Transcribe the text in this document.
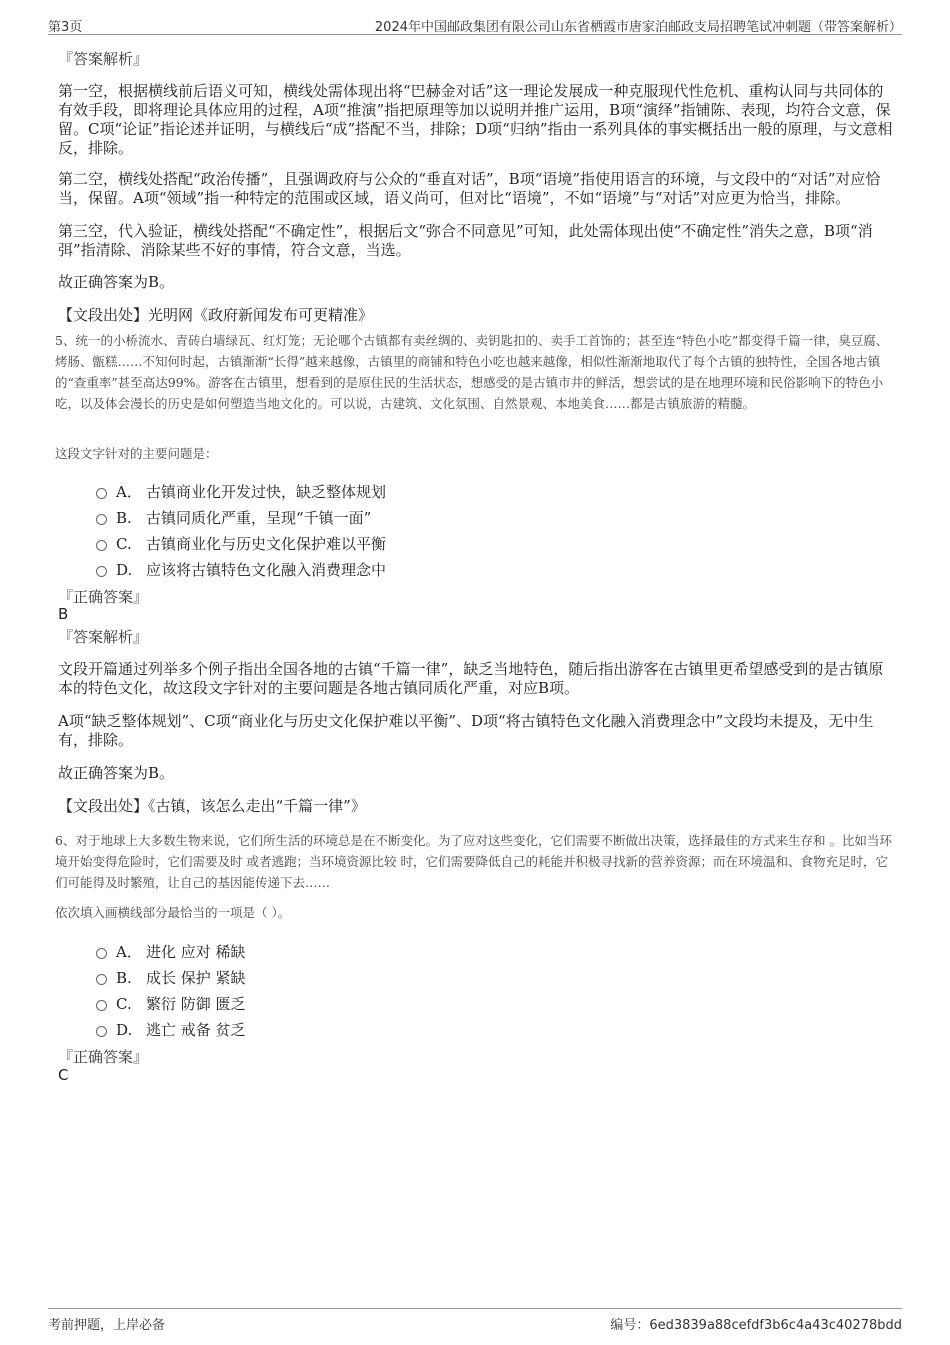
第3页	2024年中国邮政集团有限公司山东省栖霞市唐家泊邮政支局招聘笔试冲刺题（带答案解析）
『答案解析』
第一空，根据横线前后语义可知，横线处需体现出将“巴赫金对话”这一理论发展成一种克服现代性危机、重构认同与共同体的有效手段，即将理论具体应用的过程，A项“推演”指把原理等加以说明并推广运用，B项“演绎”指铺陈、表现，均符合文意，保留。C项“论证”指论述并证明，与横线后“成”搭配不当，排除；D项“归纳”指由一系列具体的事实概括出一般的原理，与文意相反，排除。
第二空，横线处搭配“政治传播”，且强调政府与公众的“垂直对话”，B项“语境”指使用语言的环境，与文段中的“对话”对应恰当，保留。A项“领域”指一种特定的范围或区域，语义尚可，但对比“语境”，不如“语境”与“对话”对应更为恰当，排除。
第三空，代入验证，横线处搭配“不确定性”，根据后文“弥合不同意见”可知，此处需体现出使“不确定性”消失之意，B项“消弭”指清除、消除某些不好的事情，符合文意，当选。
故正确答案为B。
【文段出处】光明网《政府新闻发布可更精准》
5、统一的小桥流水、青砖白墙绿瓦、红灯笼；无论哪个古镇都有卖丝绸的、卖钥匙扣的、卖手工首饰的；甚至连“特色小吃”都变得千篇一律，臭豆腐、烤肠、甑糕……不知何时起，古镇渐渐“长得”越来越像，古镇里的商铺和特色小吃也越来越像，相似性渐渐地取代了每个古镇的独特性，全国各地古镇的“查重率”甚至高达99%。游客在古镇里，想看到的是原住民的生活状态，想感受的是古镇市井的鲜活，想尝试的是在地理环境和民俗影响下的特色小吃，以及体会漫长的历史是如何塑造当地文化的。可以说，古建筑、文化氛围、自然景观、本地美食……都是古镇旅游的精髓。
这段文字针对的主要问题是：
A． 古镇商业化开发过快，缺乏整体规划
B. 古镇同质化严重，呈现“千镇一面”
C. 古镇商业化与历史文化保护难以平衡
D. 应该将古镇特色文化融入消费理念中
『正确答案』
B
『答案解析』
文段开篇通过列举多个例子指出全国各地的古镇“千篇一律”，缺乏当地特色，随后指出游客在古镇里更希望感受到的是古镇原本的特色文化，故这段文字针对的主要问题是各地古镇同质化严重，对应B项。
A项“缺乏整体规划”、C项“商业化与历史文化保护难以平衡”、D项“将古镇特色文化融入消费理念中”文段均未提及，无中生有，排除。
故正确答案为B。
【文段出处】《古镇，该怎么走出“千篇一律”》
6、对于地球上大多数生物来说，它们所生活的环境总是在不断变化。为了应对这些变化，它们需要不断做出决策，选择最佳的方式来生存和 。比如当环境开始变得危险时，它们需要及时 或者逃跑；当环境资源比较 时，它们需要降低自己的耗能并积极寻找新的营养资源；而在环境温和、食物充足时，它们可能得及时繁殖，让自己的基因能传递下去……
依次填入画横线部分最恰当的一项是（ ）。
A． 进化 应对 稀缺
B. 成长 保护 紧缺
C. 繁衍 防御 匮乏
D. 逃亡 戒备 贫乏
『正确答案』
C
考前押题，上岸必备	编号：6ed3839a88cefdf3b6c4a43c40278bdd
